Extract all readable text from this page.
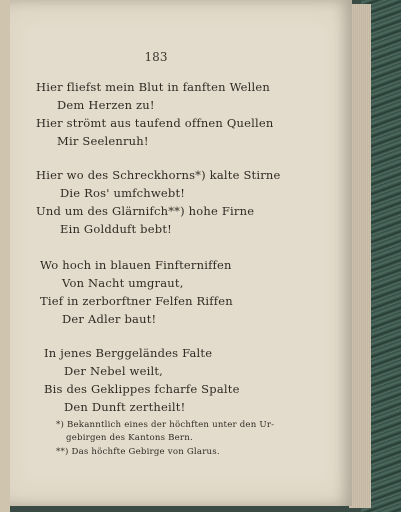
183
Hier fliefst mein Blut in fanften Wellen
Dem Herzen zu!
Hier strömt aus taufend offnen Quellen
Mir Seelenruh!
Hier wo des Schreckhorns*) kalte Stirne
Die Ros' umfchwebt!
Und um des Glärnifch**) hohe Firne
Ein Goldduft bebt!
Wo hoch in blauen Finfterniffen
Von Nacht umgraut,
Tief in zerborftner Felfen Riffen
Der Adler baut!
In jenes Berggeländes Falte
Der Nebel weilt,
Bis des Geklippes fcharfe Spalte
Den Dunft zertheilt!
*) Bekanntlich eines der höchften unter den Ur-
gebirgen des Kantons Bern.
**) Das höchfte Gebirge von Glarus.
